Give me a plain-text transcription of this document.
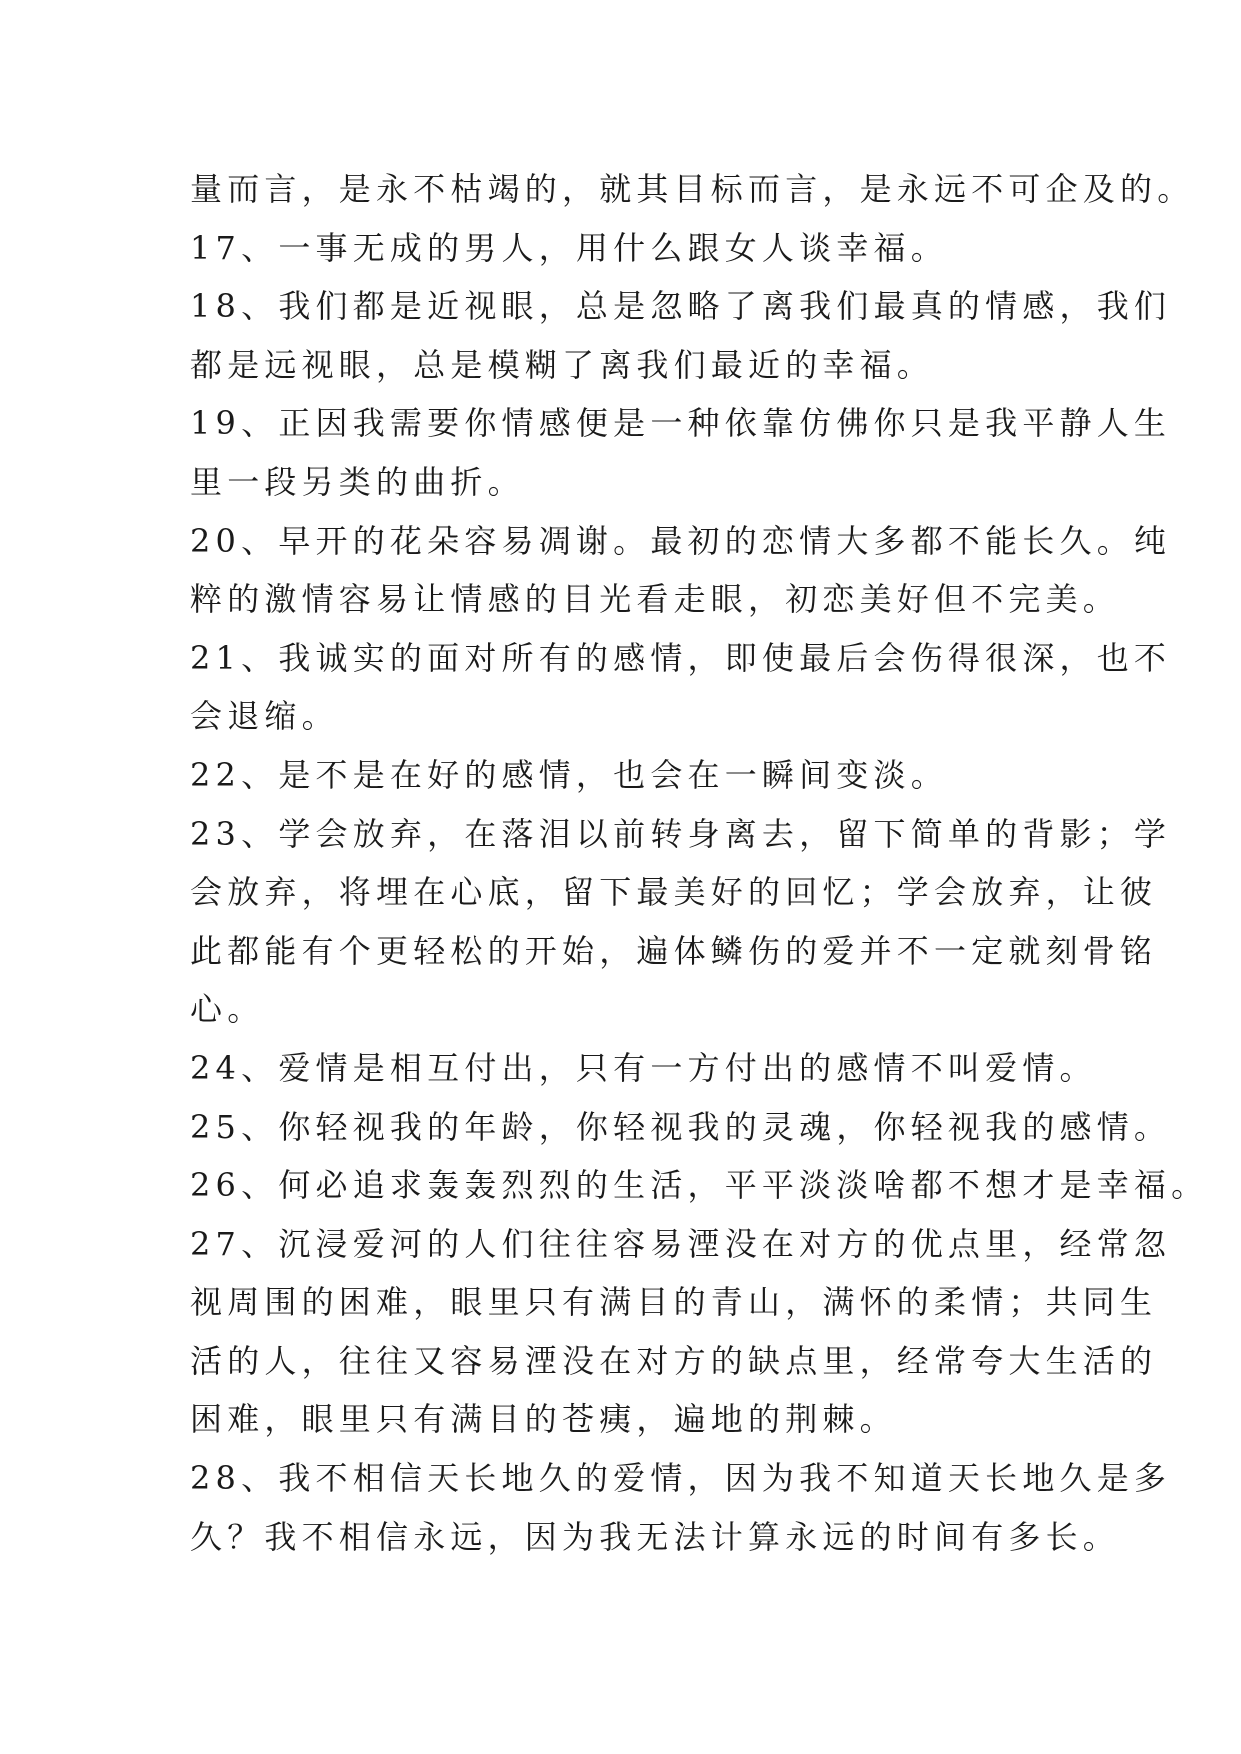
量而言，是永不枯竭的，就其目标而言，是永远不可企及的。
17、一事无成的男人，用什么跟女人谈幸福。
18、我们都是近视眼，总是忽略了离我们最真的情感，我们
都是远视眼，总是模糊了离我们最近的幸福。
19、正因我需要你情感便是一种依靠仿佛你只是我平静人生
里一段另类的曲折。
20、早开的花朵容易凋谢。最初的恋情大多都不能长久。纯
粹的激情容易让情感的目光看走眼，初恋美好但不完美。
21、我诚实的面对所有的感情，即使最后会伤得很深，也不
会退缩。
22、是不是在好的感情，也会在一瞬间变淡。
23、学会放弃，在落泪以前转身离去，留下简单的背影；学
会放弃，将埋在心底，留下最美好的回忆；学会放弃，让彼
此都能有个更轻松的开始，遍体鳞伤的爱并不一定就刻骨铭
心。
24、爱情是相互付出，只有一方付出的感情不叫爱情。
25、你轻视我的年龄，你轻视我的灵魂，你轻视我的感情。
26、何必追求轰轰烈烈的生活，平平淡淡啥都不想才是幸福。
27、沉浸爱河的人们往往容易湮没在对方的优点里，经常忽
视周围的困难，眼里只有满目的青山，满怀的柔情；共同生
活的人，往往又容易湮没在对方的缺点里，经常夸大生活的
困难，眼里只有满目的苍痍，遍地的荆棘。
28、我不相信天长地久的爱情，因为我不知道天长地久是多
久？我不相信永远，因为我无法计算永远的时间有多长。
